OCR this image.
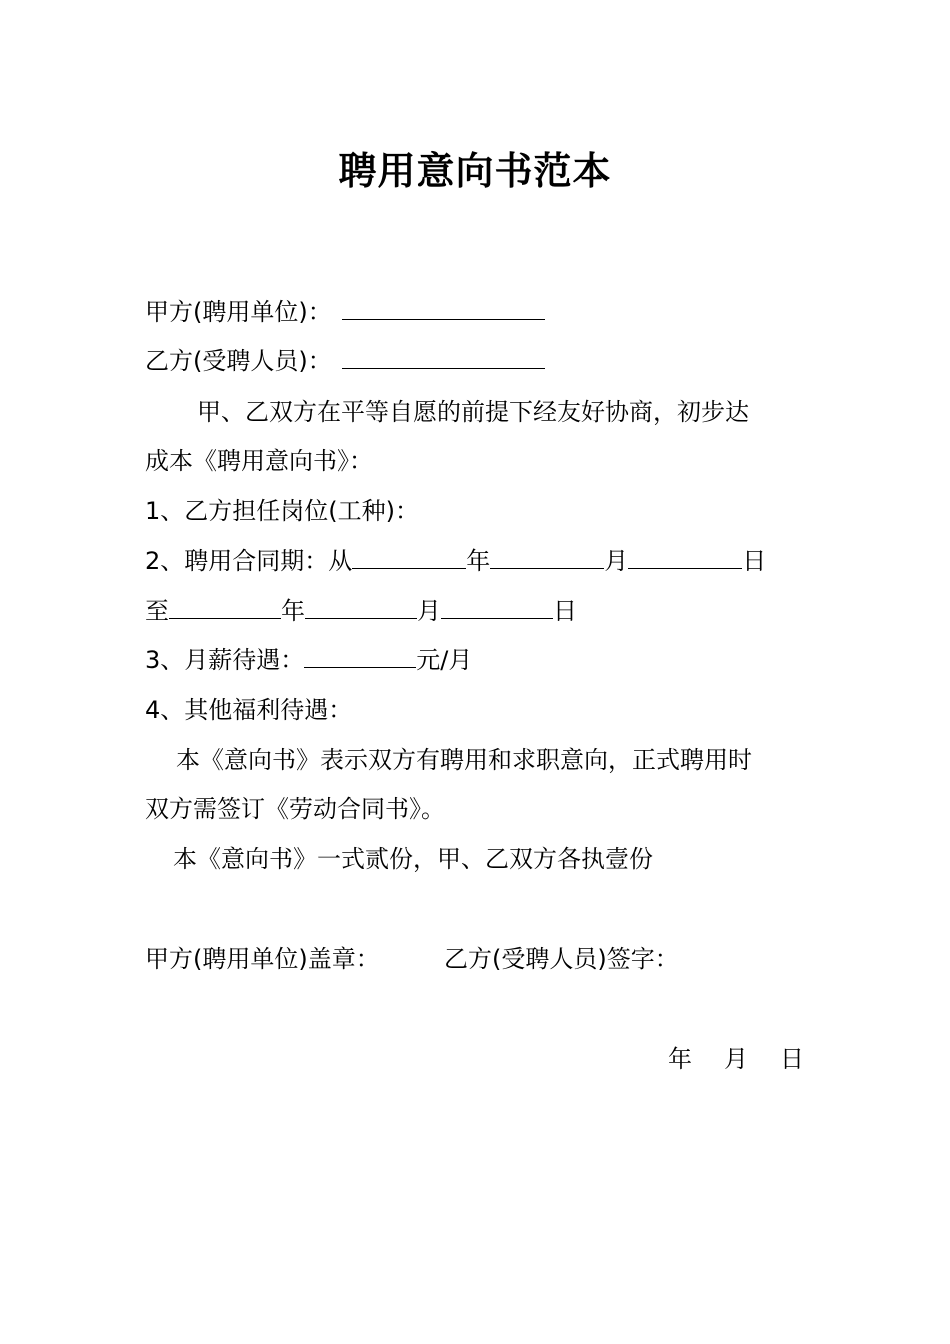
聘用意向书范本
甲方(聘用单位)：
乙方(受聘人员)：
甲、乙双方在平等自愿的前提下经友好协商，初步达
成本《聘用意向书》：
1、乙方担任岗位(工种)：
2、聘用合同期：从	年	月	日
至	年	月	日
3、月薪待遇：	元/月
4、其他福利待遇：
本《意向书》表示双方有聘用和求职意向，正式聘用时
双方需签订《劳动合同书》。
本《意向书》一式贰份，甲、乙双方各执壹份
甲方(聘用单位)盖章：	乙方(受聘人员)签字：
年 月 日
